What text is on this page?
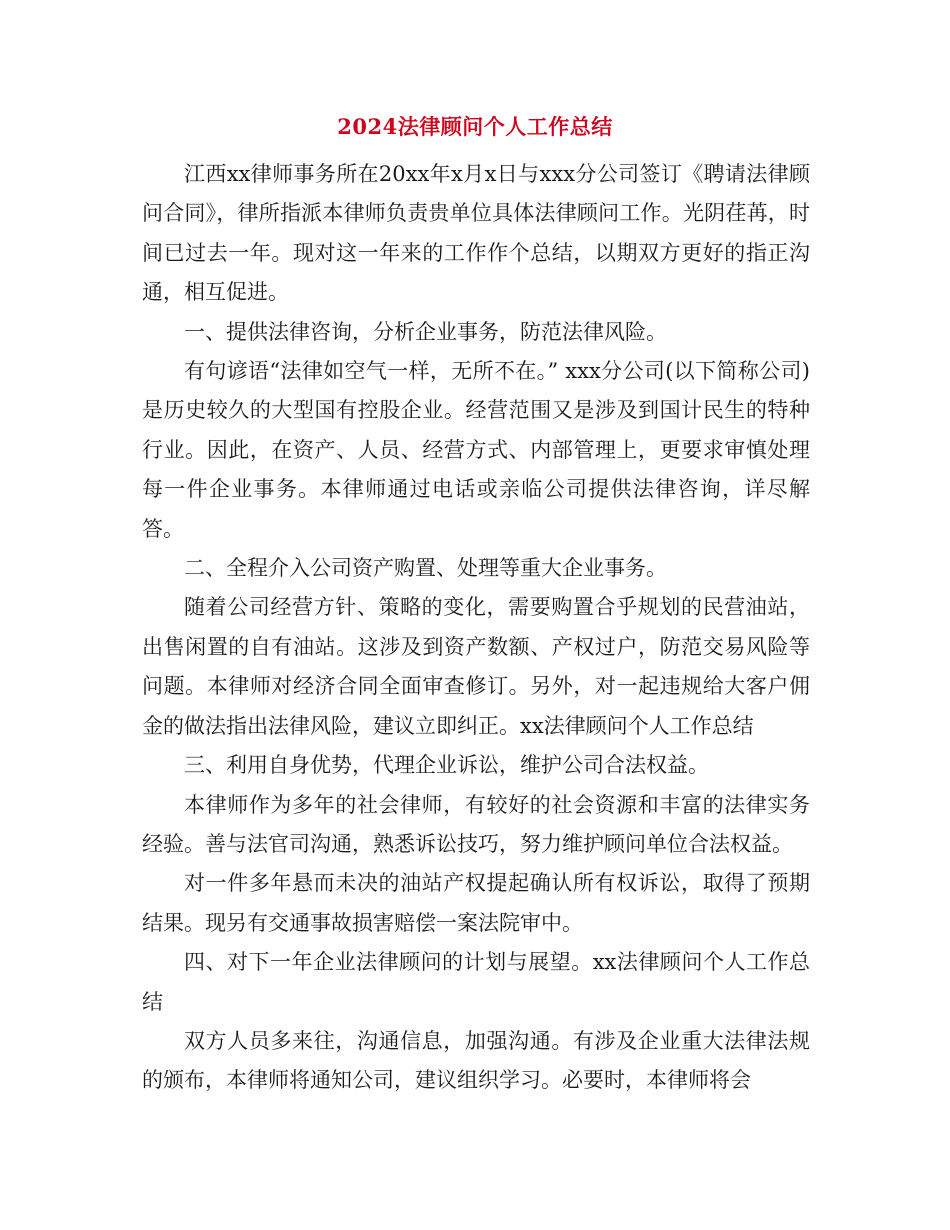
2024法律顾问个人工作总结

江西xx律师事务所在20xx年x月x日与xxx分公司签订《聘请法律顾问合同》，律所指派本律师负责贵单位具体法律顾问工作。光阴荏苒，时间已过去一年。现对这一年来的工作作个总结，以期双方更好的指正沟通，相互促进。

一、提供法律咨询，分析企业事务，防范法律风险。

有句谚语“法律如空气一样，无所不在。” xxx分公司(以下简称公司)是历史较久的大型国有控股企业。经营范围又是涉及到国计民生的特种行业。因此，在资产、人员、经营方式、内部管理上，更要求审慎处理每一件企业事务。本律师通过电话或亲临公司提供法律咨询，详尽解答。

二、全程介入公司资产购置、处理等重大企业事务。

随着公司经营方针、策略的变化，需要购置合乎规划的民营油站，出售闲置的自有油站。这涉及到资产数额、产权过户，防范交易风险等问题。本律师对经济合同全面审查修订。另外，对一起违规给大客户佣金的做法指出法律风险，建议立即纠正。xx法律顾问个人工作总结

三、利用自身优势，代理企业诉讼，维护公司合法权益。

本律师作为多年的社会律师，有较好的社会资源和丰富的法律实务经验。善与法官司沟通，熟悉诉讼技巧，努力维护顾问单位合法权益。

对一件多年悬而未决的油站产权提起确认所有权诉讼，取得了预期结果。现另有交通事故损害赔偿一案法院审中。

四、对下一年企业法律顾问的计划与展望。xx法律顾问个人工作总结

双方人员多来往，沟通信息，加强沟通。有涉及企业重大法律法规的颁布，本律师将通知公司，建议组织学习。必要时，本律师将会
